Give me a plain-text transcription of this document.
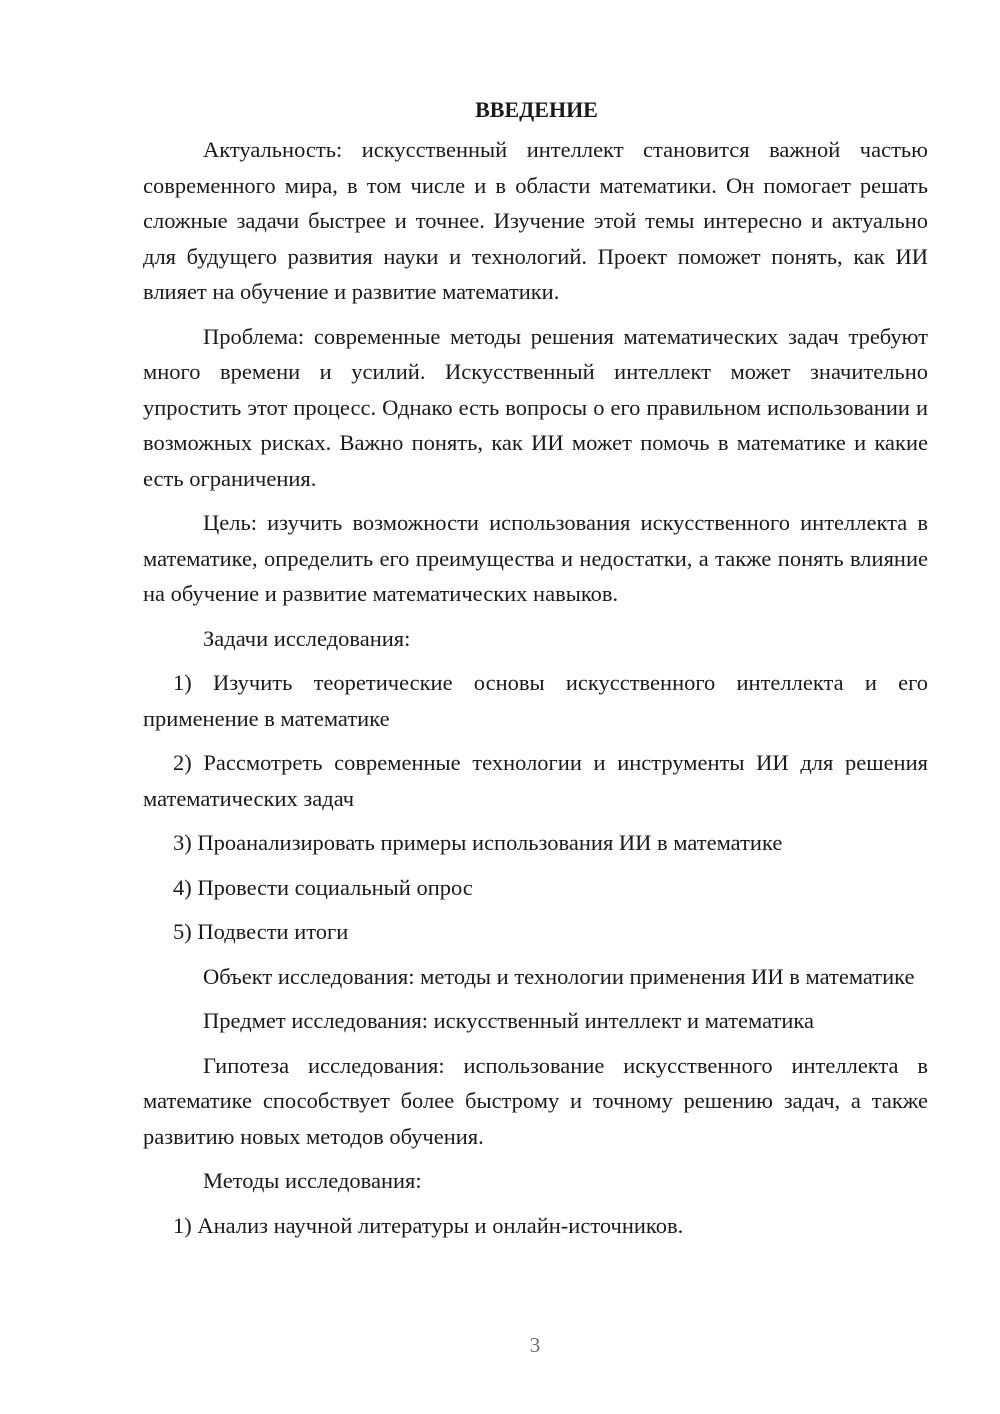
ВВЕДЕНИЕ

Актуальность: искусственный интеллект становится важной частью современного мира, в том числе и в области математики. Он помогает решать сложные задачи быстрее и точнее. Изучение этой темы интересно и актуально для будущего развития науки и технологий. Проект поможет понять, как ИИ влияет на обучение и развитие математики.

Проблема: современные методы решения математических задач требуют много времени и усилий. Искусственный интеллект может значительно упростить этот процесс. Однако есть вопросы о его правильном использовании и возможных рисках. Важно понять, как ИИ может помочь в математике и какие есть ограничения.

Цель: изучить возможности использования искусственного интеллекта в математике, определить его преимущества и недостатки, а также понять влияние на обучение и развитие математических навыков.

Задачи исследования:

1) Изучить теоретические основы искусственного интеллекта и его применение в математике

2) Рассмотреть современные технологии и инструменты ИИ для решения математических задач

3) Проанализировать примеры использования ИИ в математике

4) Провести социальный опрос

5) Подвести итоги

Объект исследования: методы и технологии применения ИИ в математике

Предмет исследования: искусственный интеллект и математика

Гипотеза исследования: использование искусственного интеллекта в математике способствует более быстрому и точному решению задач, а также развитию новых методов обучения.

Методы исследования:

1) Анализ научной литературы и онлайн-источников.

3
